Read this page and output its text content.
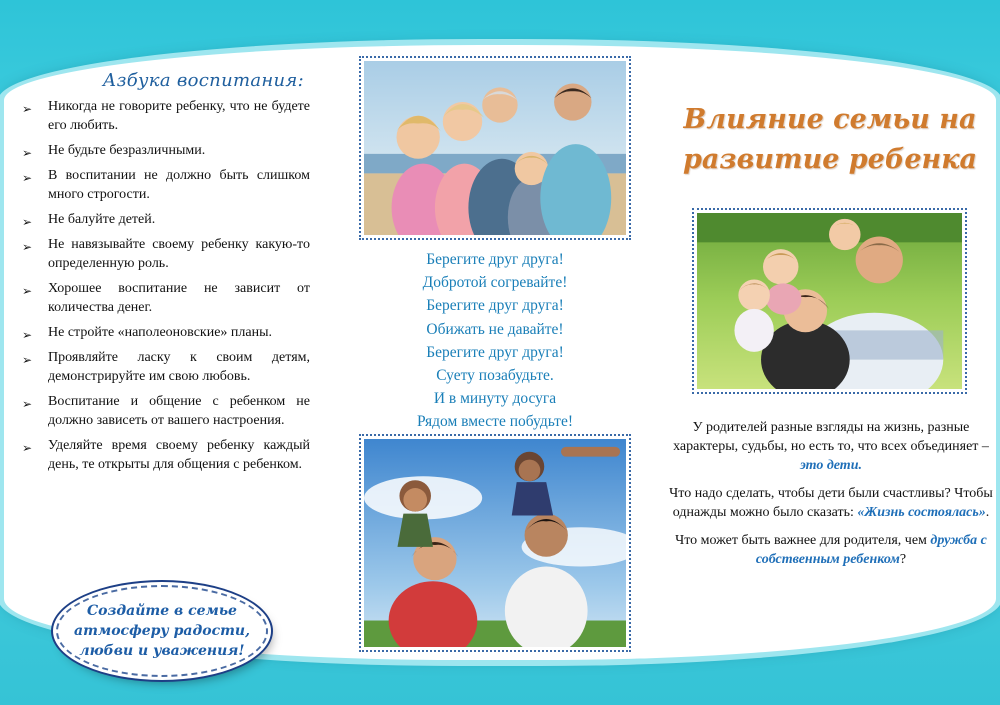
Азбука воспитания:
➢ Никогда не говорите ребенку, что не будете его любить.
➢ Не будьте безразличными.
➢ В воспитании не должно быть слишком много строгости.
➢ Не балуйте детей.
➢ Не навязывайте своему ребенку какую-то определенную роль.
➢ Хорошее воспитание не зависит от количества денег.
➢ Не стройте «наполеоновские» планы.
➢ Проявляйте ласку к своим детям, демонстрируйте им свою любовь.
➢ Воспитание и общение с ребенком не должно зависеть от вашего настроения.
➢ Уделяйте время своему ребенку каждый день, те открыты для общения с ребенком.
Создайте в семье
атмосферу радости,
любви и уважения!
Берегите друг друга!
Добротой согревайте!
Берегите друг друга!
Обижать не давайте!
Берегите друг друга!
Суету позабудьте.
И в минуту досуга
Рядом вместе побудьте!
Влияние семьи на
развитие ребенка

У родителей разные взгляды на жизнь, разные характеры, судьбы, но есть то, что всех объединяет – это дети.

Что надо сделать, чтобы дети были счастливы? Чтобы однажды можно было сказать: «Жизнь состоялась».

Что может быть важнее для родителя, чем дружба с собственным ребенком?
